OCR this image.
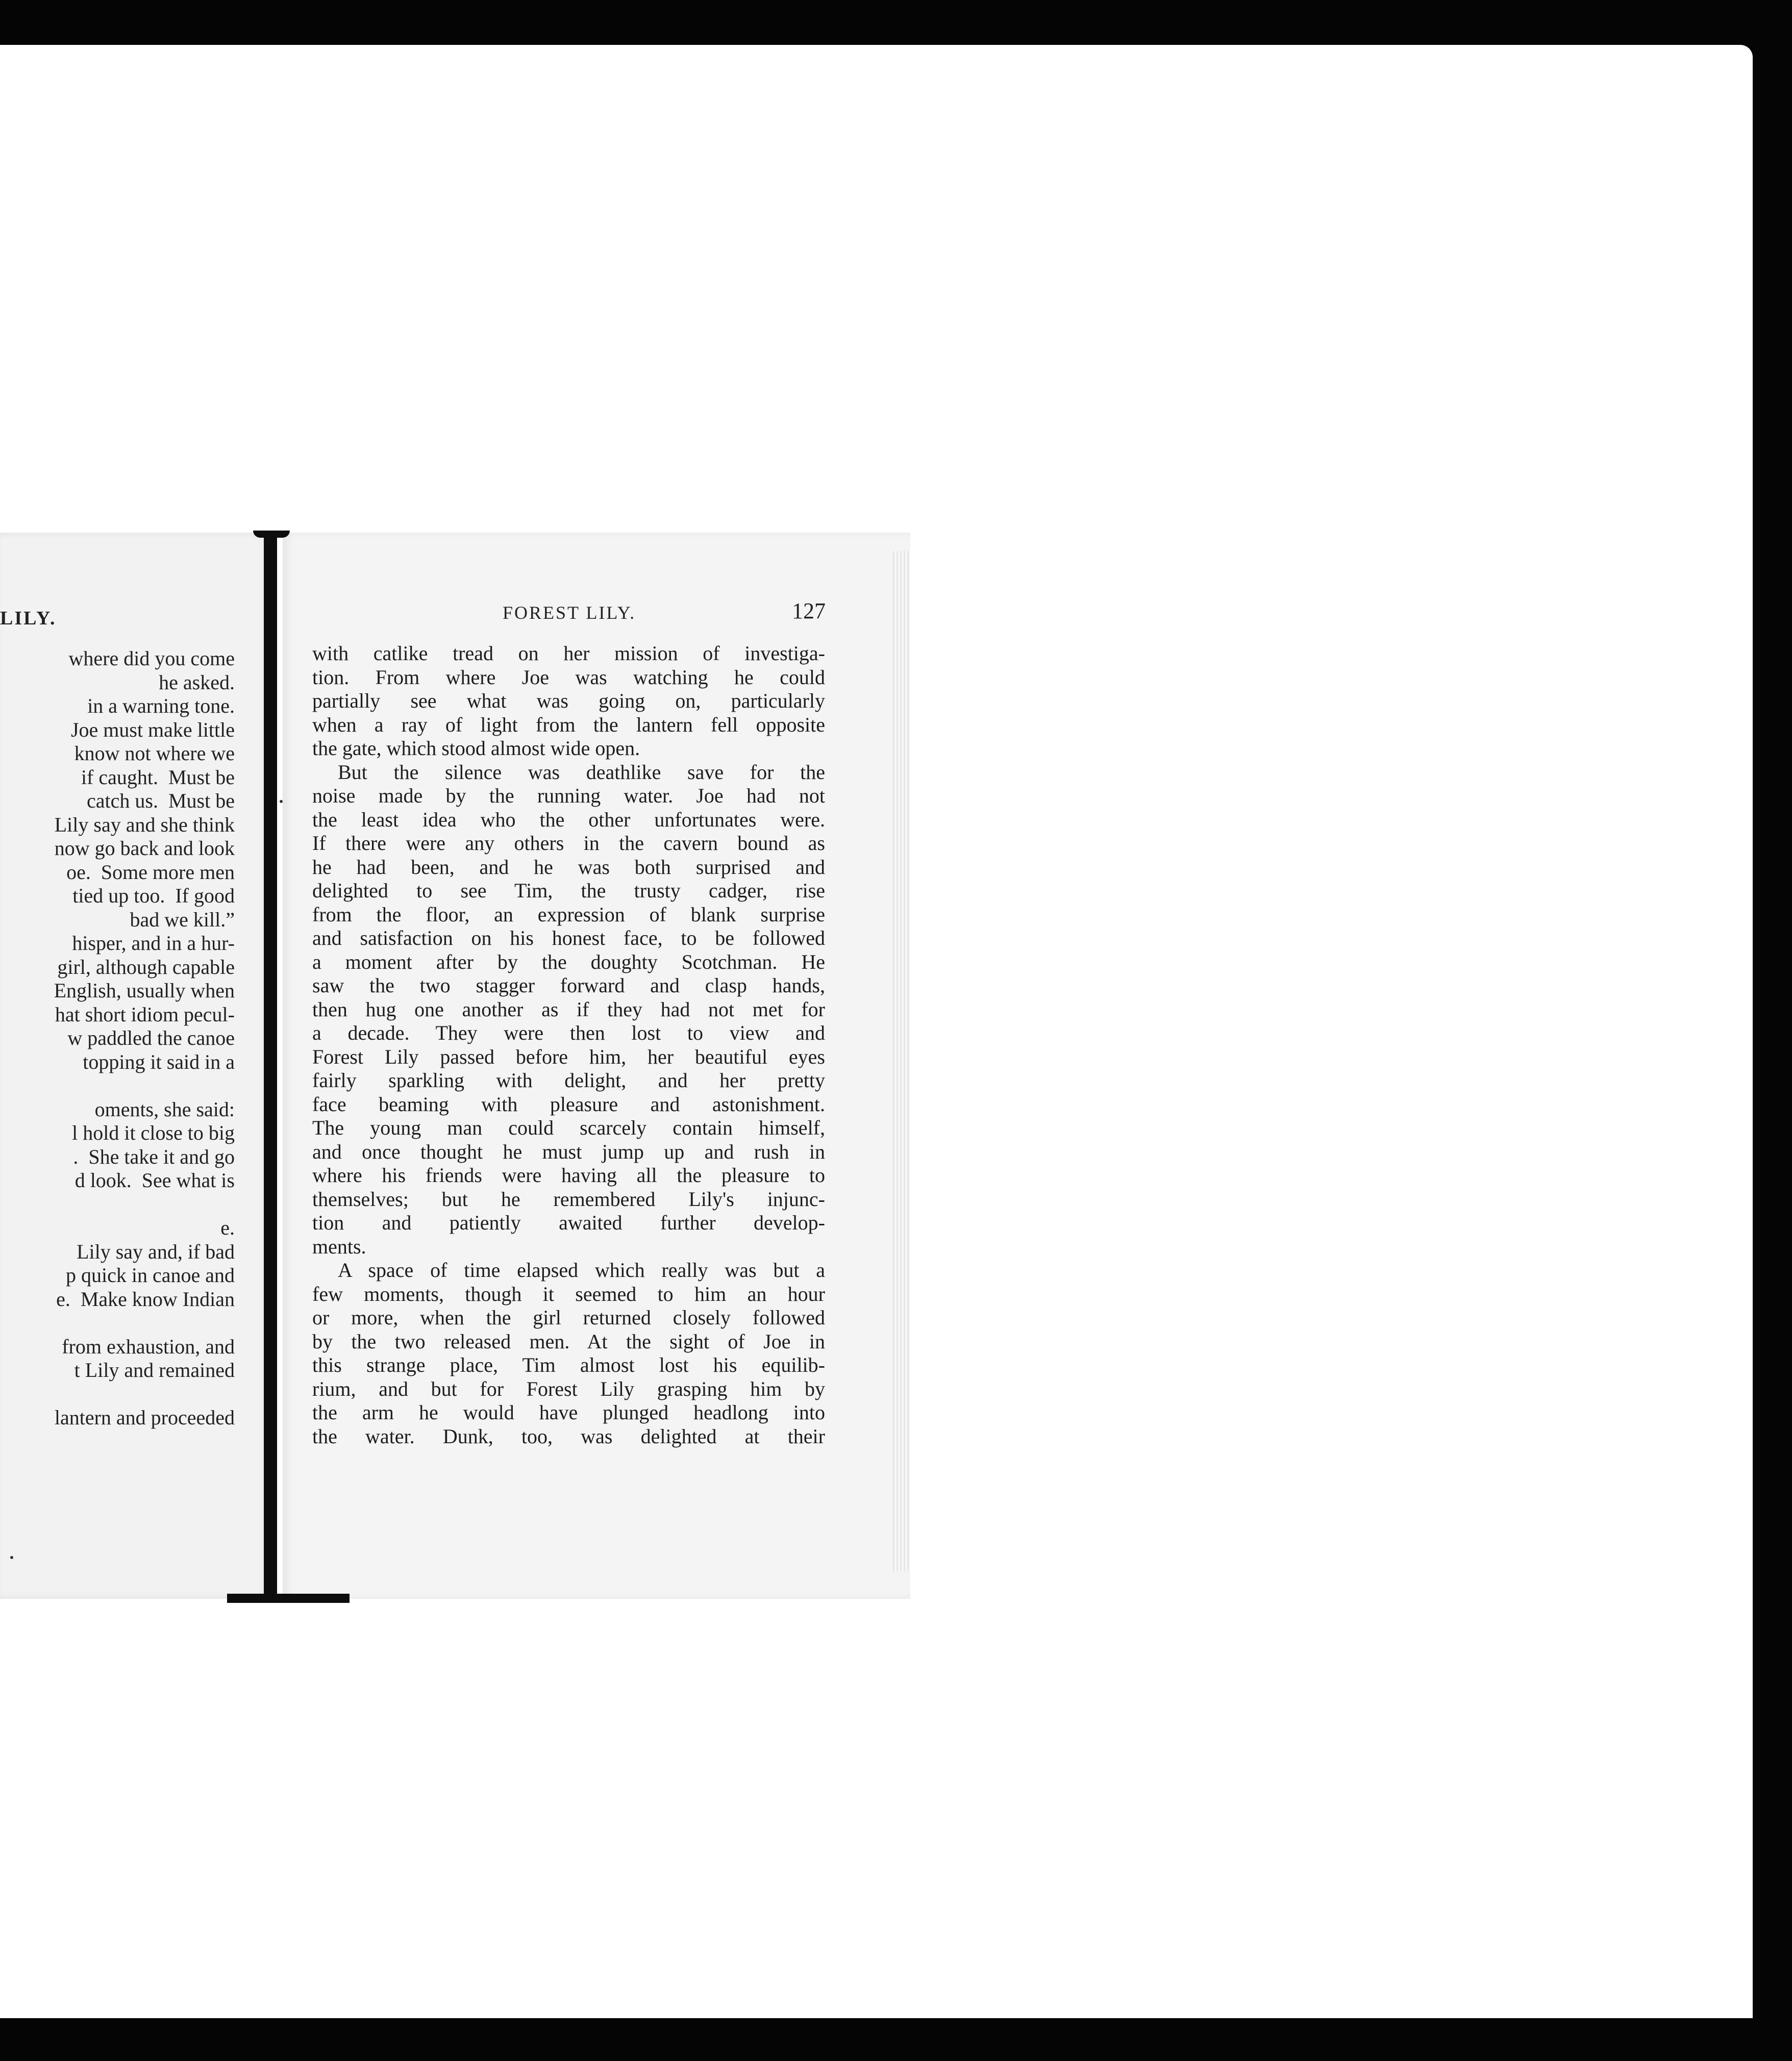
LILY.
where did you come
he asked.
in a warning tone.
Joe must make little
know not where we
if caught.  Must be
catch us.  Must be
Lily say and she think
now go back and look
oe.  Some more men
tied up too.  If good
bad we kill.”
hisper, and in a hur-
girl, although capable
English, usually when
hat short idiom pecul-
w paddled the canoe
topping it said in a

oments, she said:
l hold it close to big
.  She take it and go
d look.  See what is

e.
Lily say and, if bad
p quick in canoe and
e.  Make know Indian

from exhaustion, and
t Lily and remained

lantern and proceeded
FOREST LILY.	127
with catlike tread on her mission of investiga-
tion. From where Joe was watching he could
partially see what was going on, particularly
when a ray of light from the lantern fell opposite
the gate, which stood almost wide open.
But the silence was deathlike save for the
noise made by the running water. Joe had not
the least idea who the other unfortunates were.
If there were any others in the cavern bound as
he had been, and he was both surprised and
delighted to see Tim, the trusty cadger, rise
from the floor, an expression of blank surprise
and satisfaction on his honest face, to be followed
a moment after by the doughty Scotchman. He
saw the two stagger forward and clasp hands,
then hug one another as if they had not met for
a decade. They were then lost to view and
Forest Lily passed before him, her beautiful eyes
fairly sparkling with delight, and her pretty
face beaming with pleasure and astonishment.
The young man could scarcely contain himself,
and once thought he must jump up and rush in
where his friends were having all the pleasure to
themselves; but he remembered Lily's injunc-
tion and patiently awaited further develop-
ments.
A space of time elapsed which really was but a
few moments, though it seemed to him an hour
or more, when the girl returned closely followed
by the two released men. At the sight of Joe in
this strange place, Tim almost lost his equilib-
rium, and but for Forest Lily grasping him by
the arm he would have plunged headlong into
the water. Dunk, too, was delighted at their
